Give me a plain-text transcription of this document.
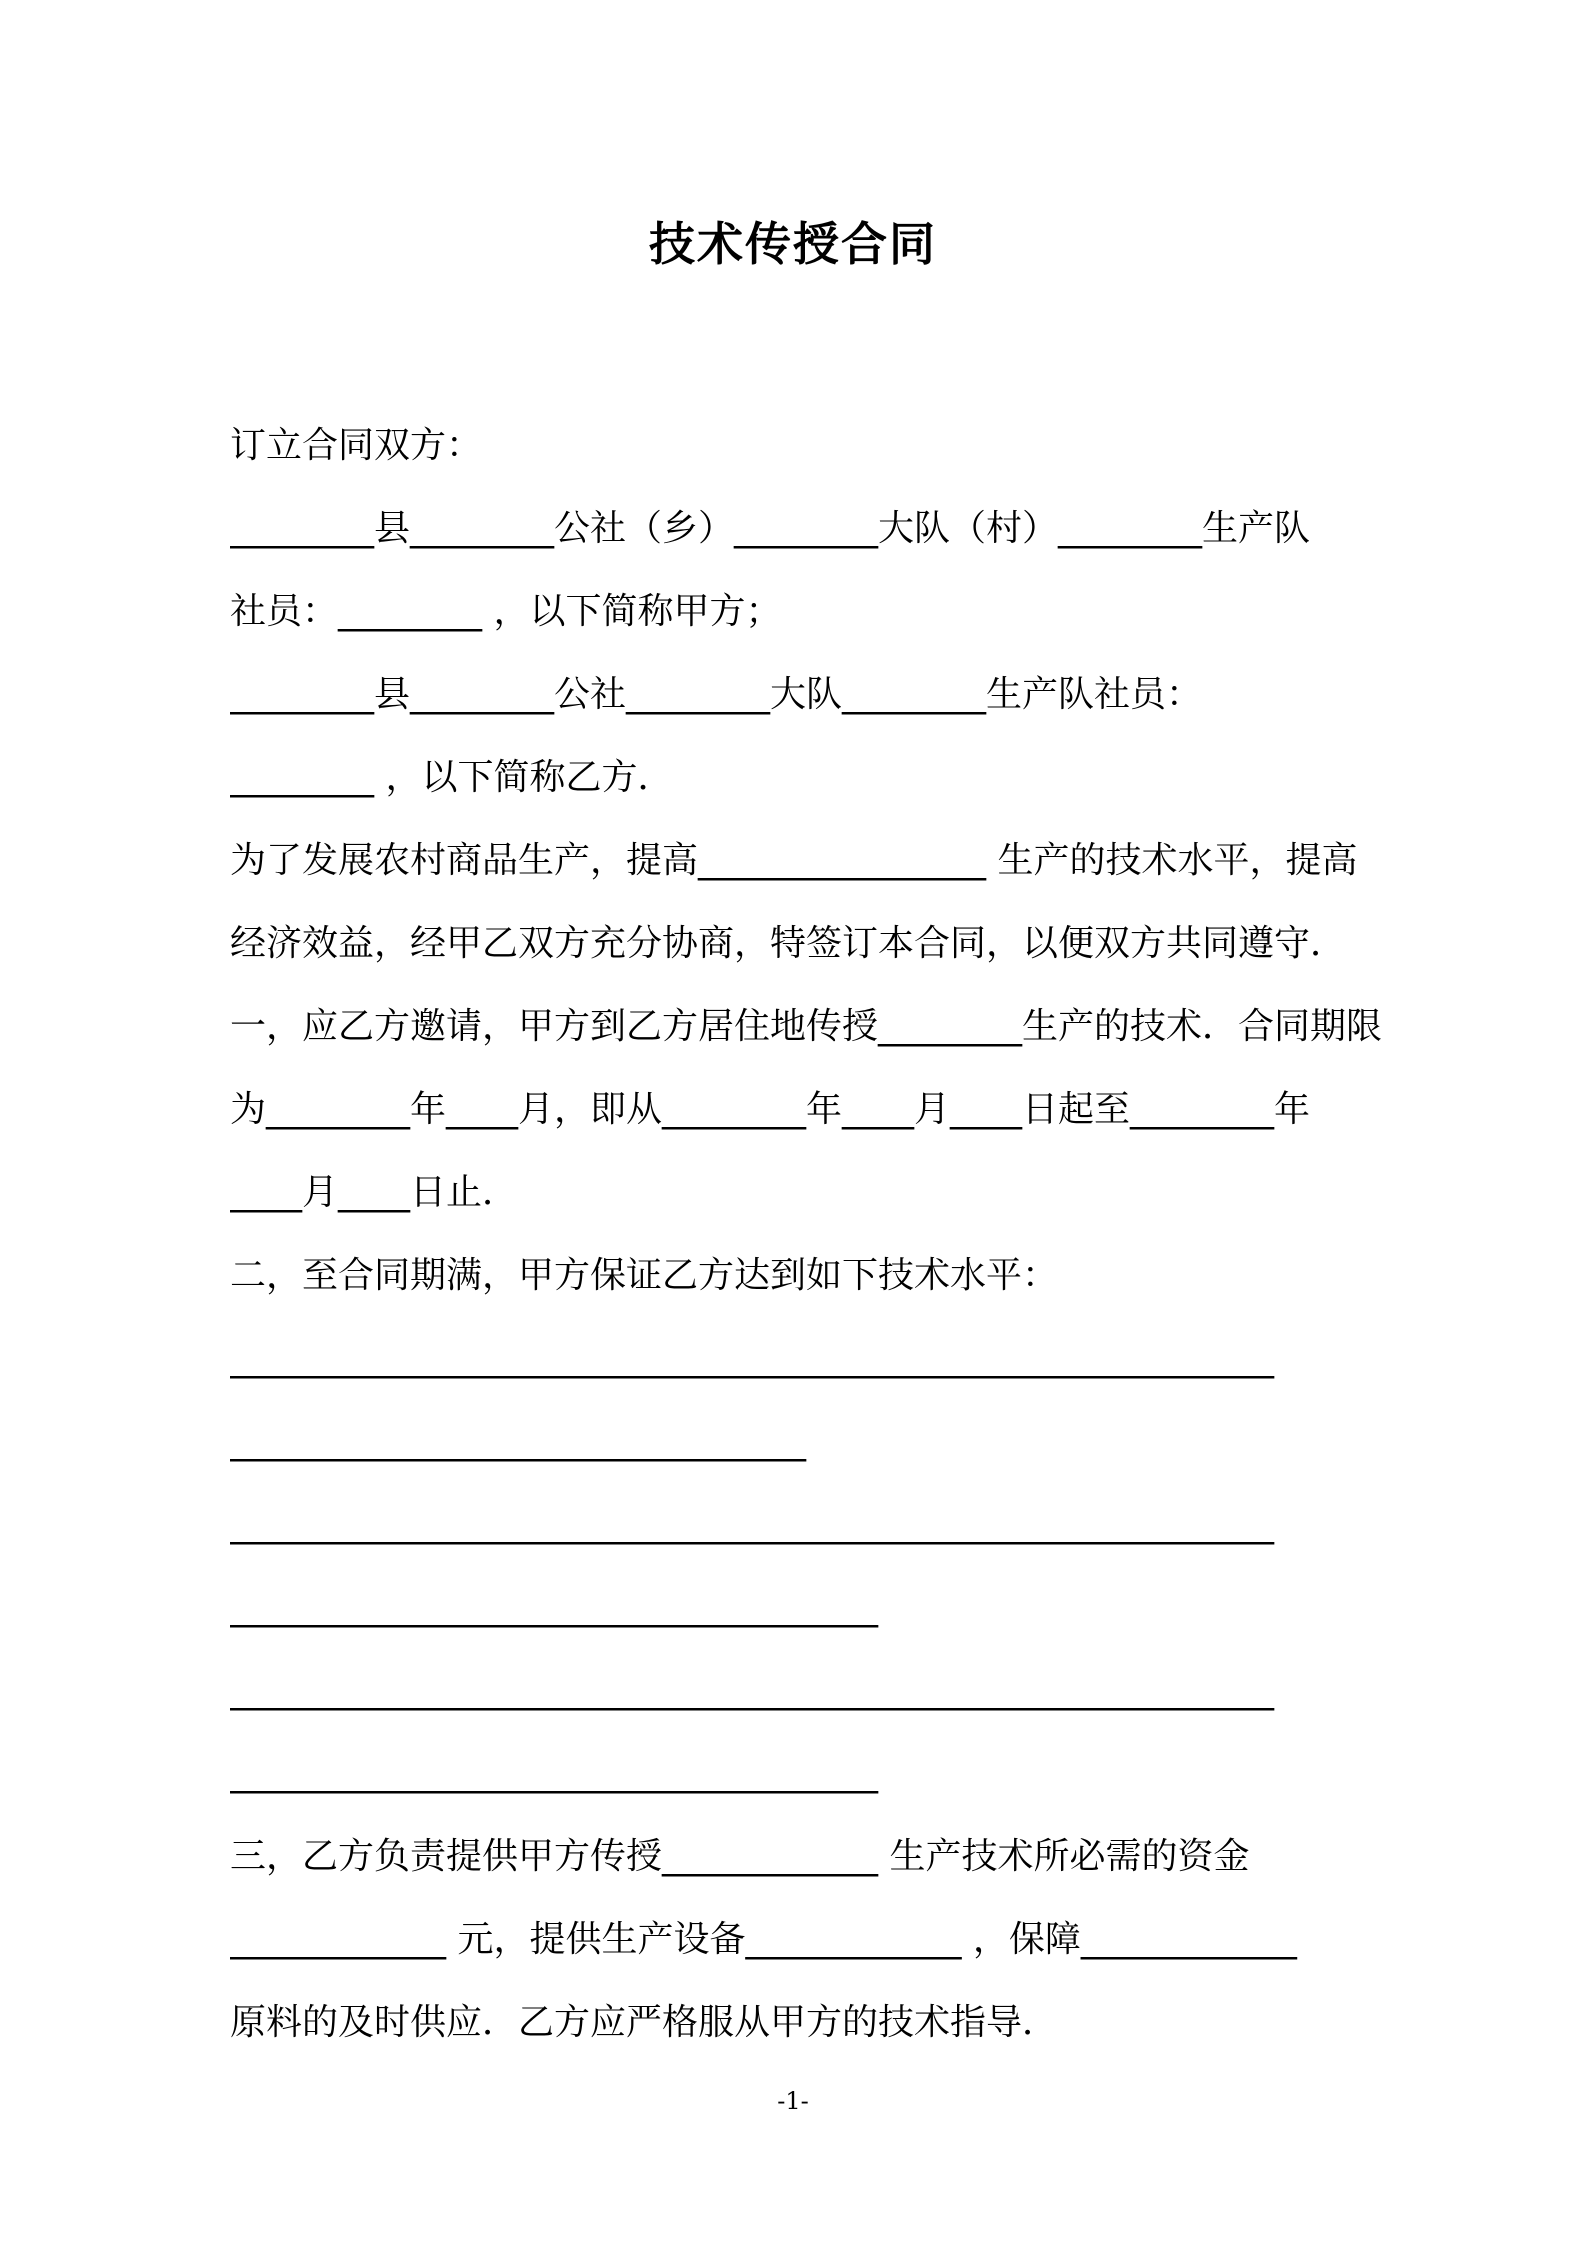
技术传授合同
订立合同双方：
________县________公社（乡）________大队（村）________生产队
社员：________ ，以下简称甲方；
________县________公社________大队________生产队社员：
________ ，以下简称乙方．
为了发展农村商品生产，提高________________ 生产的技术水平，提高
经济效益，经甲乙双方充分协商，特签订本合同，以便双方共同遵守．
一，应乙方邀请，甲方到乙方居住地传授________生产的技术．合同期限
为________年____月，即从________年____月____日起至________年
____月____日止．
二，至合同期满，甲方保证乙方达到如下技术水平：
__________________________________________________________
________________________________
__________________________________________________________
____________________________________
__________________________________________________________
____________________________________
三，乙方负责提供甲方传授____________ 生产技术所必需的资金
____________ 元，提供生产设备____________ ，保障____________
原料的及时供应．乙方应严格服从甲方的技术指导．
-1-
